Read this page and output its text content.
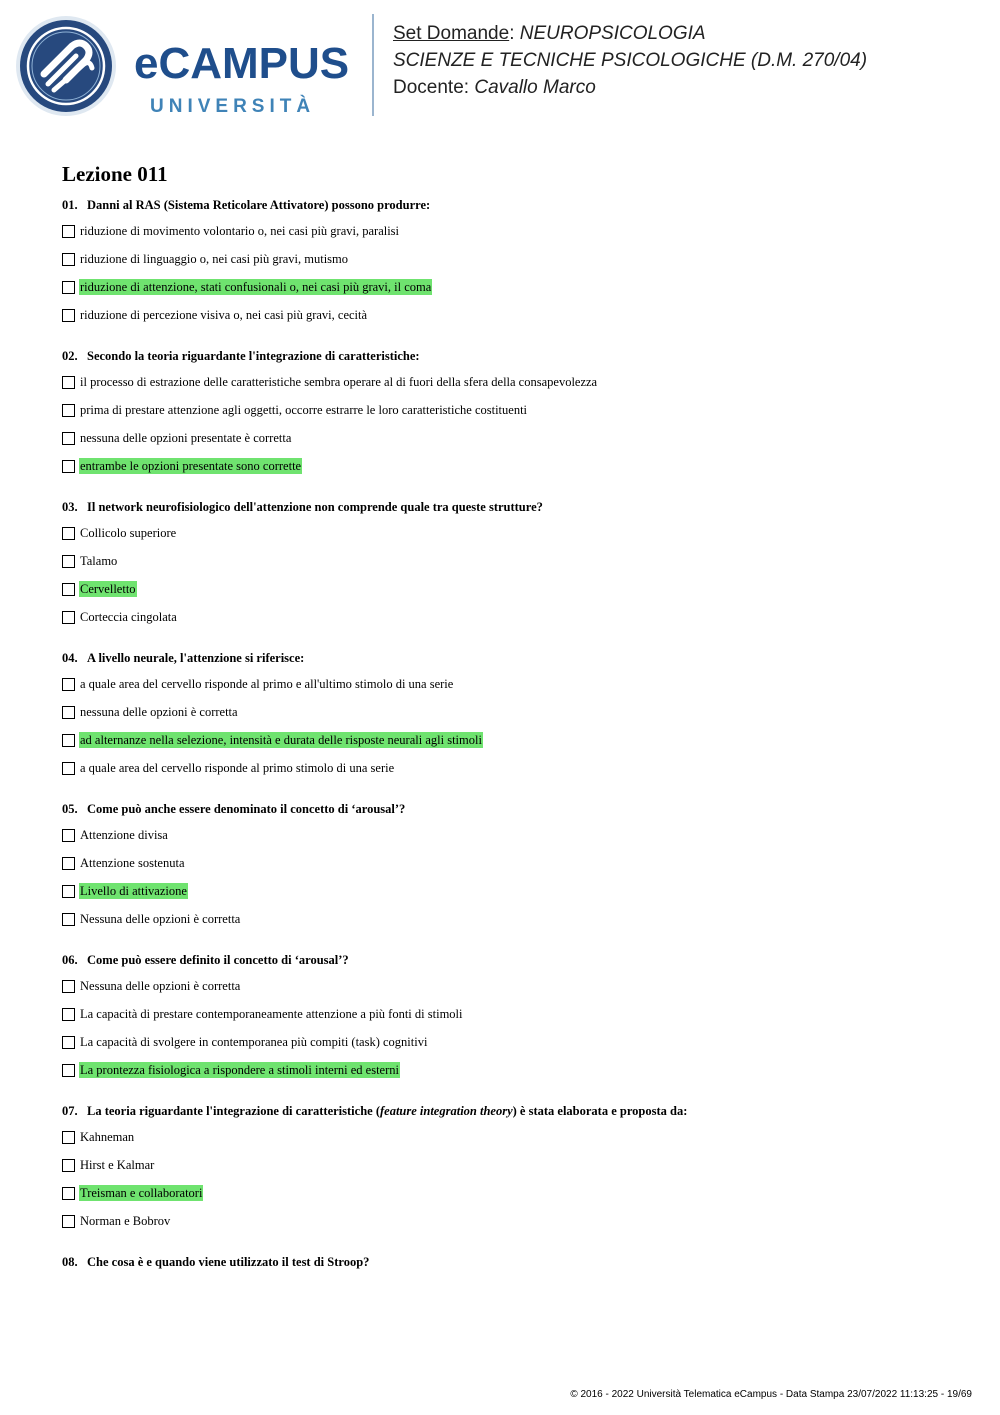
eCAMPUS
UNIVERSITÀ
Set Domande: NEUROPSICOLOGIA
SCIENZE E TECNICHE PSICOLOGICHE (D.M. 270/04)
Docente: Cavallo Marco
Lezione 011
01. Danni al RAS (Sistema Reticolare Attivatore) possono produrre:
riduzione di movimento volontario o, nei casi più gravi, paralisi
riduzione di linguaggio o, nei casi più gravi, mutismo
riduzione di attenzione, stati confusionali o, nei casi più gravi, il coma
riduzione di percezione visiva o, nei casi più gravi, cecità
02. Secondo la teoria riguardante l'integrazione di caratteristiche:
il processo di estrazione delle caratteristiche sembra operare al di fuori della sfera della consapevolezza
prima di prestare attenzione agli oggetti, occorre estrarre le loro caratteristiche costituenti
nessuna delle opzioni presentate è corretta
entrambe le opzioni presentate sono corrette
03. Il network neurofisiologico dell'attenzione non comprende quale tra queste strutture?
Collicolo superiore
Talamo
Cervelletto
Corteccia cingolata
04. A livello neurale, l'attenzione si riferisce:
a quale area del cervello risponde al primo e all'ultimo stimolo di una serie
nessuna delle opzioni è corretta
ad alternanze nella selezione, intensità e durata delle risposte neurali agli stimoli
a quale area del cervello risponde al primo stimolo di una serie
05. Come può anche essere denominato il concetto di ‘arousal’?
Attenzione divisa
Attenzione sostenuta
Livello di attivazione
Nessuna delle opzioni è corretta
06. Come può essere definito il concetto di ‘arousal’?
Nessuna delle opzioni è corretta
La capacità di prestare contemporaneamente attenzione a più fonti di stimoli
La capacità di svolgere in contemporanea più compiti (task) cognitivi
La prontezza fisiologica a rispondere a stimoli interni ed esterni
07. La teoria riguardante l'integrazione di caratteristiche (feature integration theory) è stata elaborata e proposta da:
Kahneman
Hirst e Kalmar
Treisman e collaboratori
Norman e Bobrov
08. Che cosa è e quando viene utilizzato il test di Stroop?
© 2016 - 2022 Università Telematica eCampus - Data Stampa 23/07/2022 11:13:25 - 19/69
